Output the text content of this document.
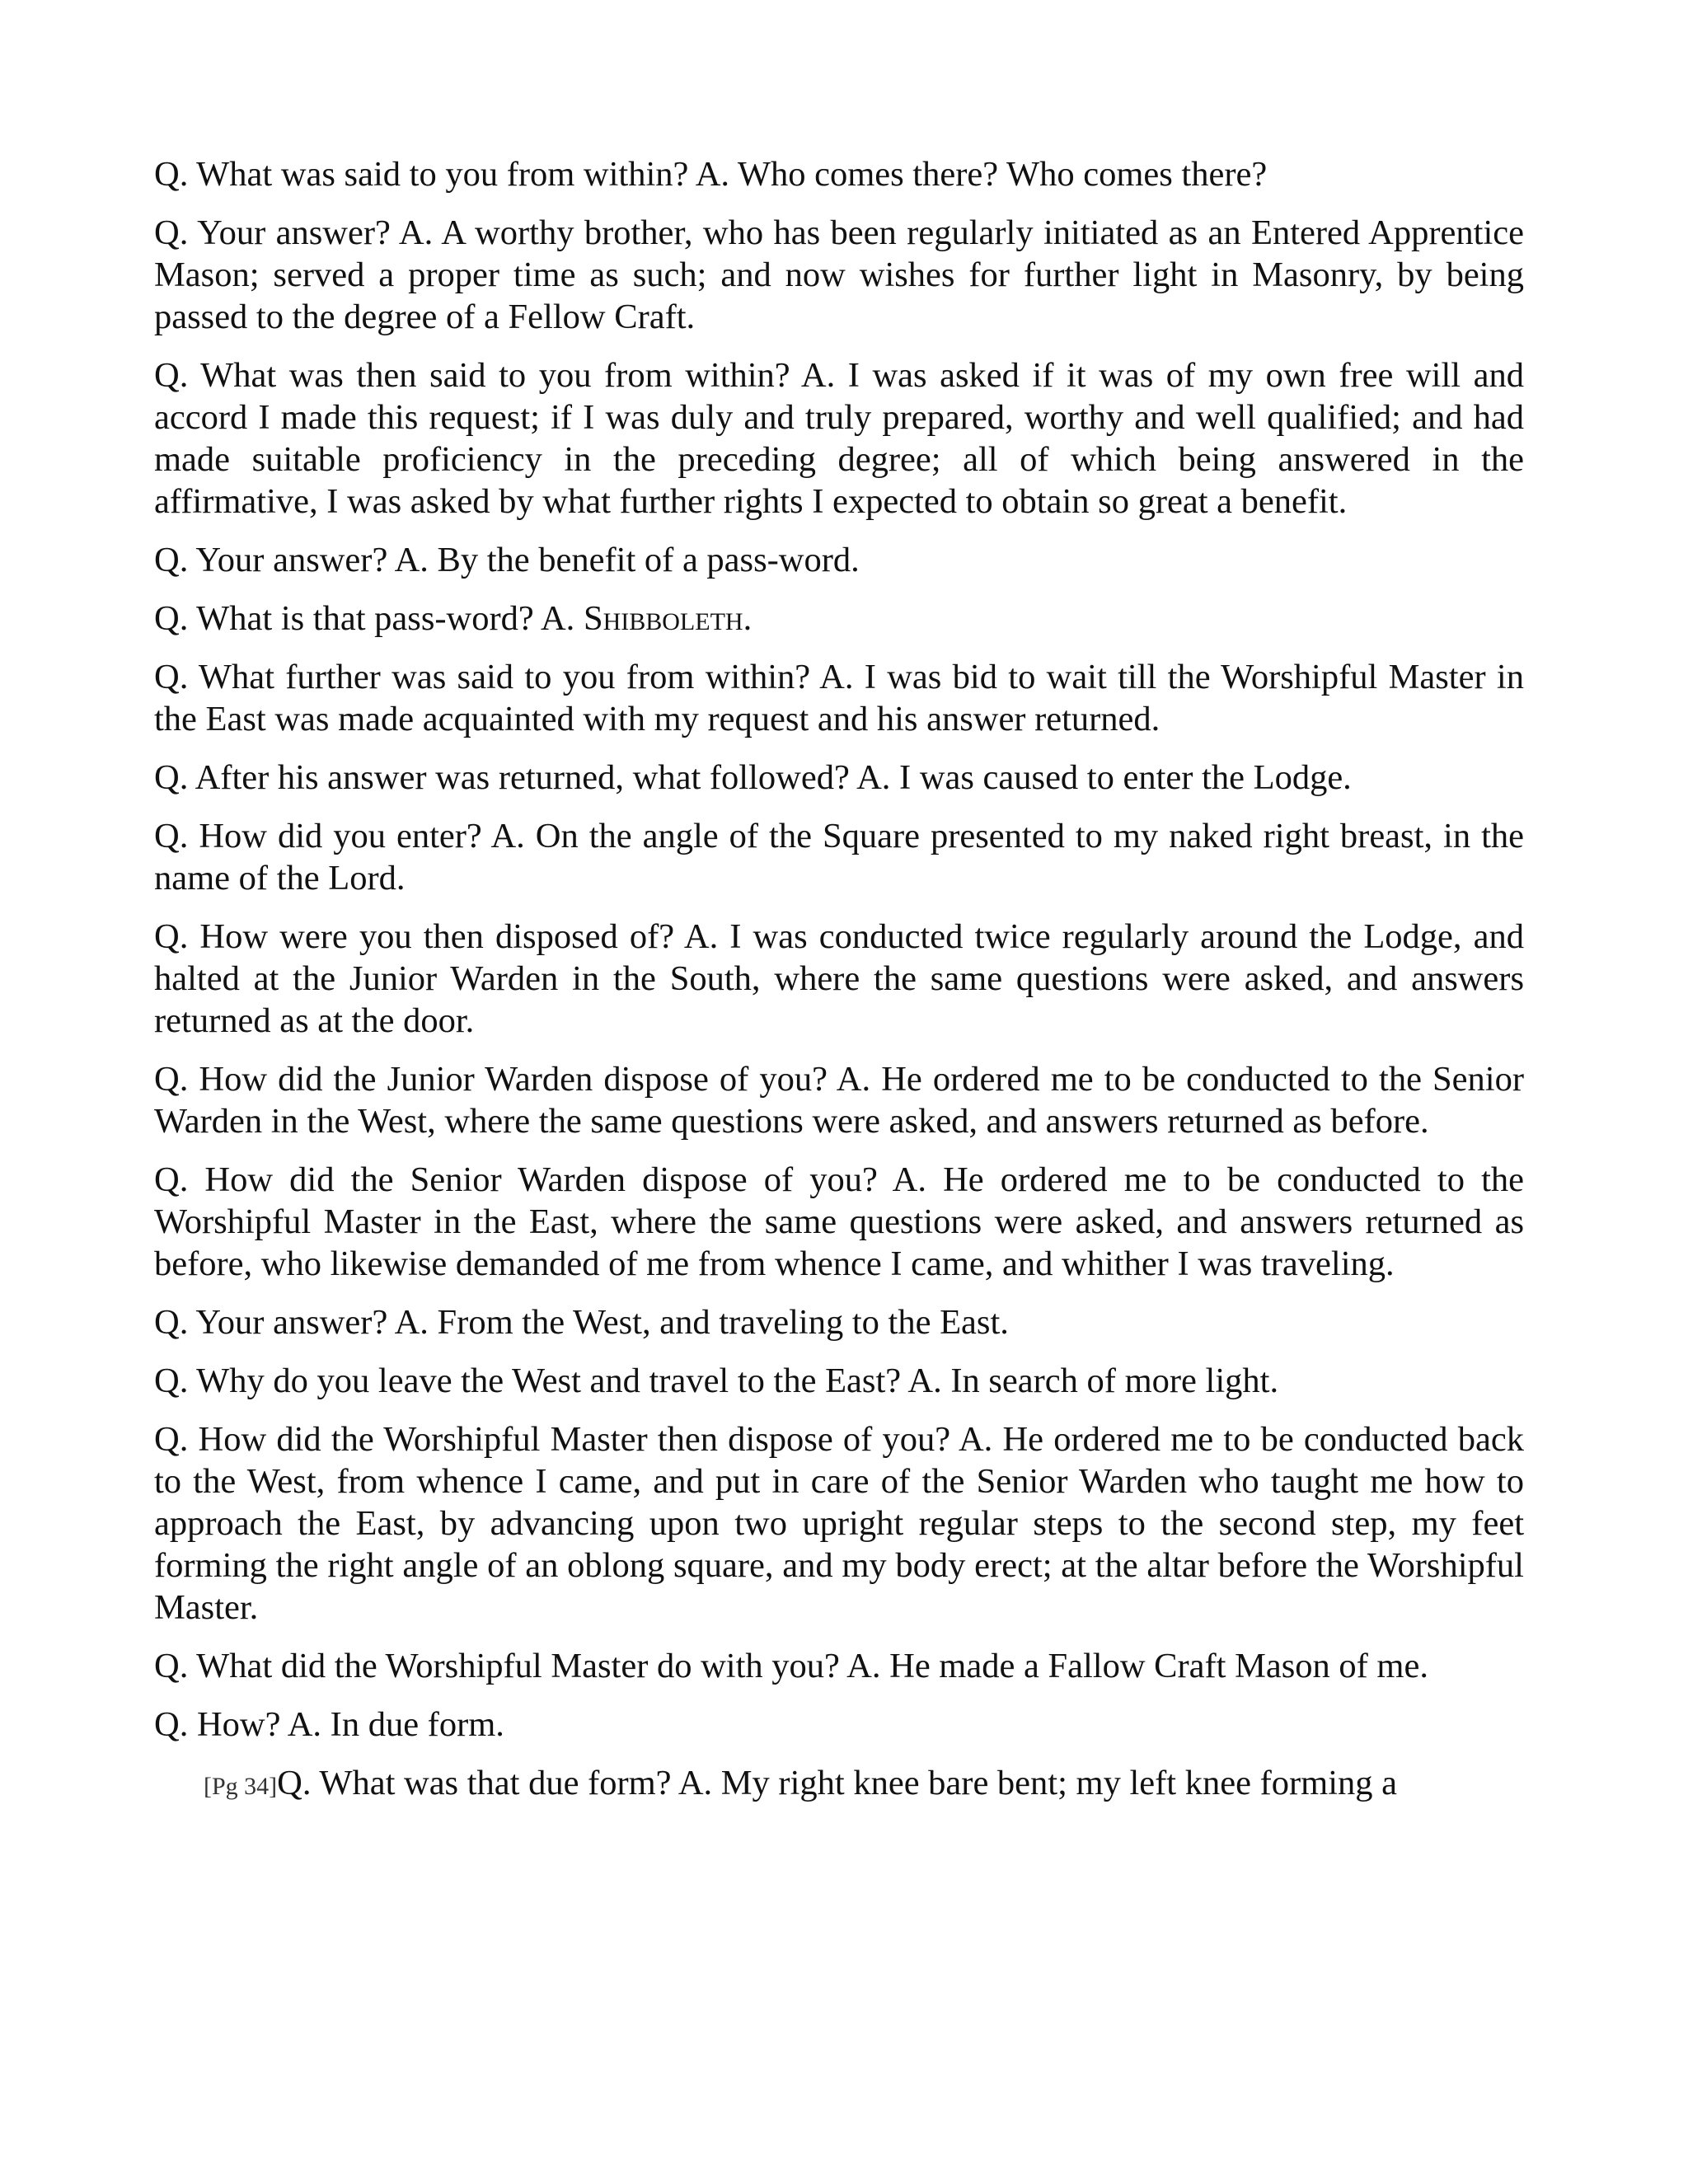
Q. What was said to you from within? A. Who comes there? Who comes there?

Q. Your answer? A. A worthy brother, who has been regularly initiated as an Entered Apprentice Mason; served a proper time as such; and now wishes for further light in Masonry, by being passed to the degree of a Fellow Craft.

Q. What was then said to you from within? A. I was asked if it was of my own free will and accord I made this request; if I was duly and truly prepared, worthy and well qualified; and had made suitable proficiency in the preceding degree; all of which being answered in the affirmative, I was asked by what further rights I expected to obtain so great a benefit.

Q. Your answer? A. By the benefit of a pass-word.

Q. What is that pass-word? A. Shibboleth.

Q. What further was said to you from within? A. I was bid to wait till the Worshipful Master in the East was made acquainted with my request and his answer returned.

Q. After his answer was returned, what followed? A. I was caused to enter the Lodge.

Q. How did you enter? A. On the angle of the Square presented to my naked right breast, in the name of the Lord.

Q. How were you then disposed of? A. I was conducted twice regularly around the Lodge, and halted at the Junior Warden in the South, where the same questions were asked, and answers returned as at the door.

Q. How did the Junior Warden dispose of you? A. He ordered me to be conducted to the Senior Warden in the West, where the same questions were asked, and answers returned as before.

Q. How did the Senior Warden dispose of you? A. He ordered me to be conducted to the Worshipful Master in the East, where the same questions were asked, and answers returned as before, who likewise demanded of me from whence I came, and whither I was traveling.

Q. Your answer? A. From the West, and traveling to the East.

Q. Why do you leave the West and travel to the East? A. In search of more light.

Q. How did the Worshipful Master then dispose of you? A. He ordered me to be conducted back to the West, from whence I came, and put in care of the Senior Warden who taught me how to approach the East, by advancing upon two upright regular steps to the second step, my feet forming the right angle of an oblong square, and my body erect; at the altar before the Worshipful Master.

Q. What did the Worshipful Master do with you? A. He made a Fallow Craft Mason of me.

Q. How? A. In due form.

[Pg 34]Q. What was that due form? A. My right knee bare bent; my left knee forming a
